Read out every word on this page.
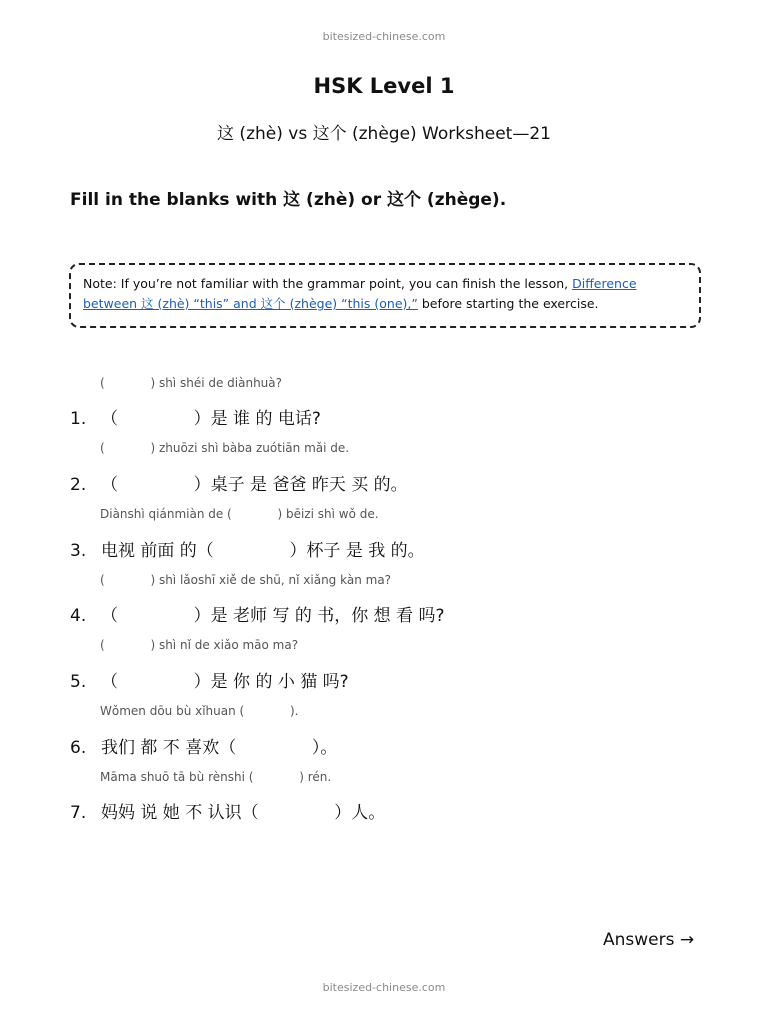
bitesized-chinese.com
HSK Level 1
这 (zhè) vs 这个 (zhège) Worksheet—21
Fill in the blanks with 这 (zhè) or 这个 (zhège).
Note: If you’re not familiar with the grammar point, you can finish the lesson, Difference between 这 (zhè) “this” and 这个 (zhège) “this (one),” before starting the exercise.
(            ) shì shéi de diànhuà?
1. （              ）是 谁 的 电话?
(            ) zhuōzi shì bàba zuótiān mǎi de.
2. （              ）桌子 是 爸爸 昨天 买 的。
Diànshì qiánmiàn de (            ) bēizi shì wǒ de.
3. 电视 前面 的（              ）杯子 是 我 的。
(            ) shì lǎoshī xiě de shū, nǐ xiǎng kàn ma?
4. （              ）是 老师 写 的 书，你 想 看 吗?
(            ) shì nǐ de xiǎo māo ma?
5. （              ）是 你 的 小 猫 吗?
Wǒmen dōu bù xǐhuan (            ).
6. 我们 都 不 喜欢（              ）。
Māma shuō tā bù rènshi (            ) rén.
7. 妈妈 说 她 不 认识（              ）人。
Answers →
bitesized-chinese.com
